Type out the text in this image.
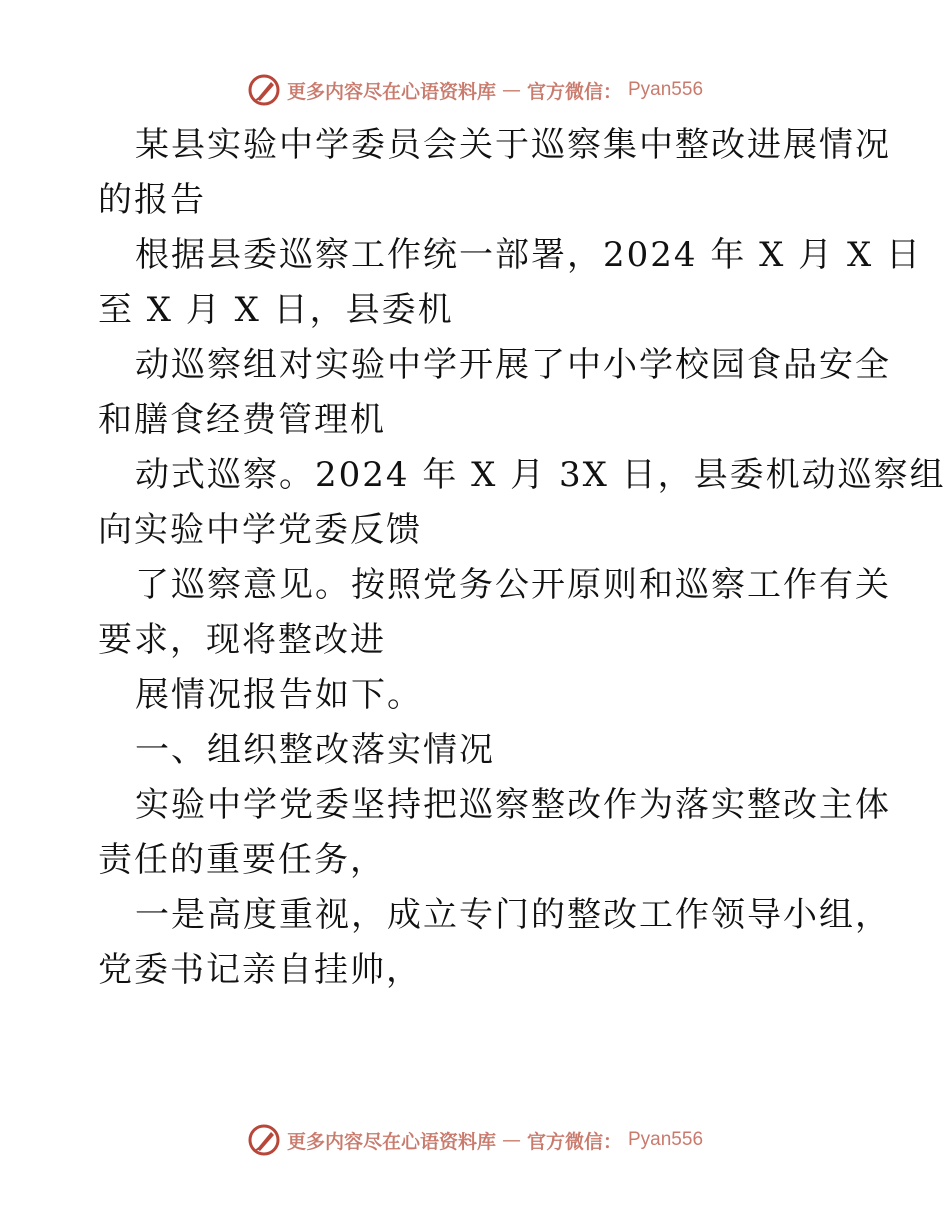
更多内容尽在心语资料库 — 官方微信： Pyan556
某县实验中学委员会关于巡察集中整改进展情况
的报告
根据县委巡察工作统一部署，2024 年 X 月 X 日
至 X 月 X 日，县委机
动巡察组对实验中学开展了中小学校园食品安全
和膳食经费管理机
动式巡察。2024 年 X 月 3X 日，县委机动巡察组
向实验中学党委反馈
了巡察意见。按照党务公开原则和巡察工作有关
要求，现将整改进
展情况报告如下。
一、组织整改落实情况
实验中学党委坚持把巡察整改作为落实整改主体
责任的重要任务，
一是高度重视，成立专门的整改工作领导小组，
党委书记亲自挂帅，
更多内容尽在心语资料库 — 官方微信： Pyan556
